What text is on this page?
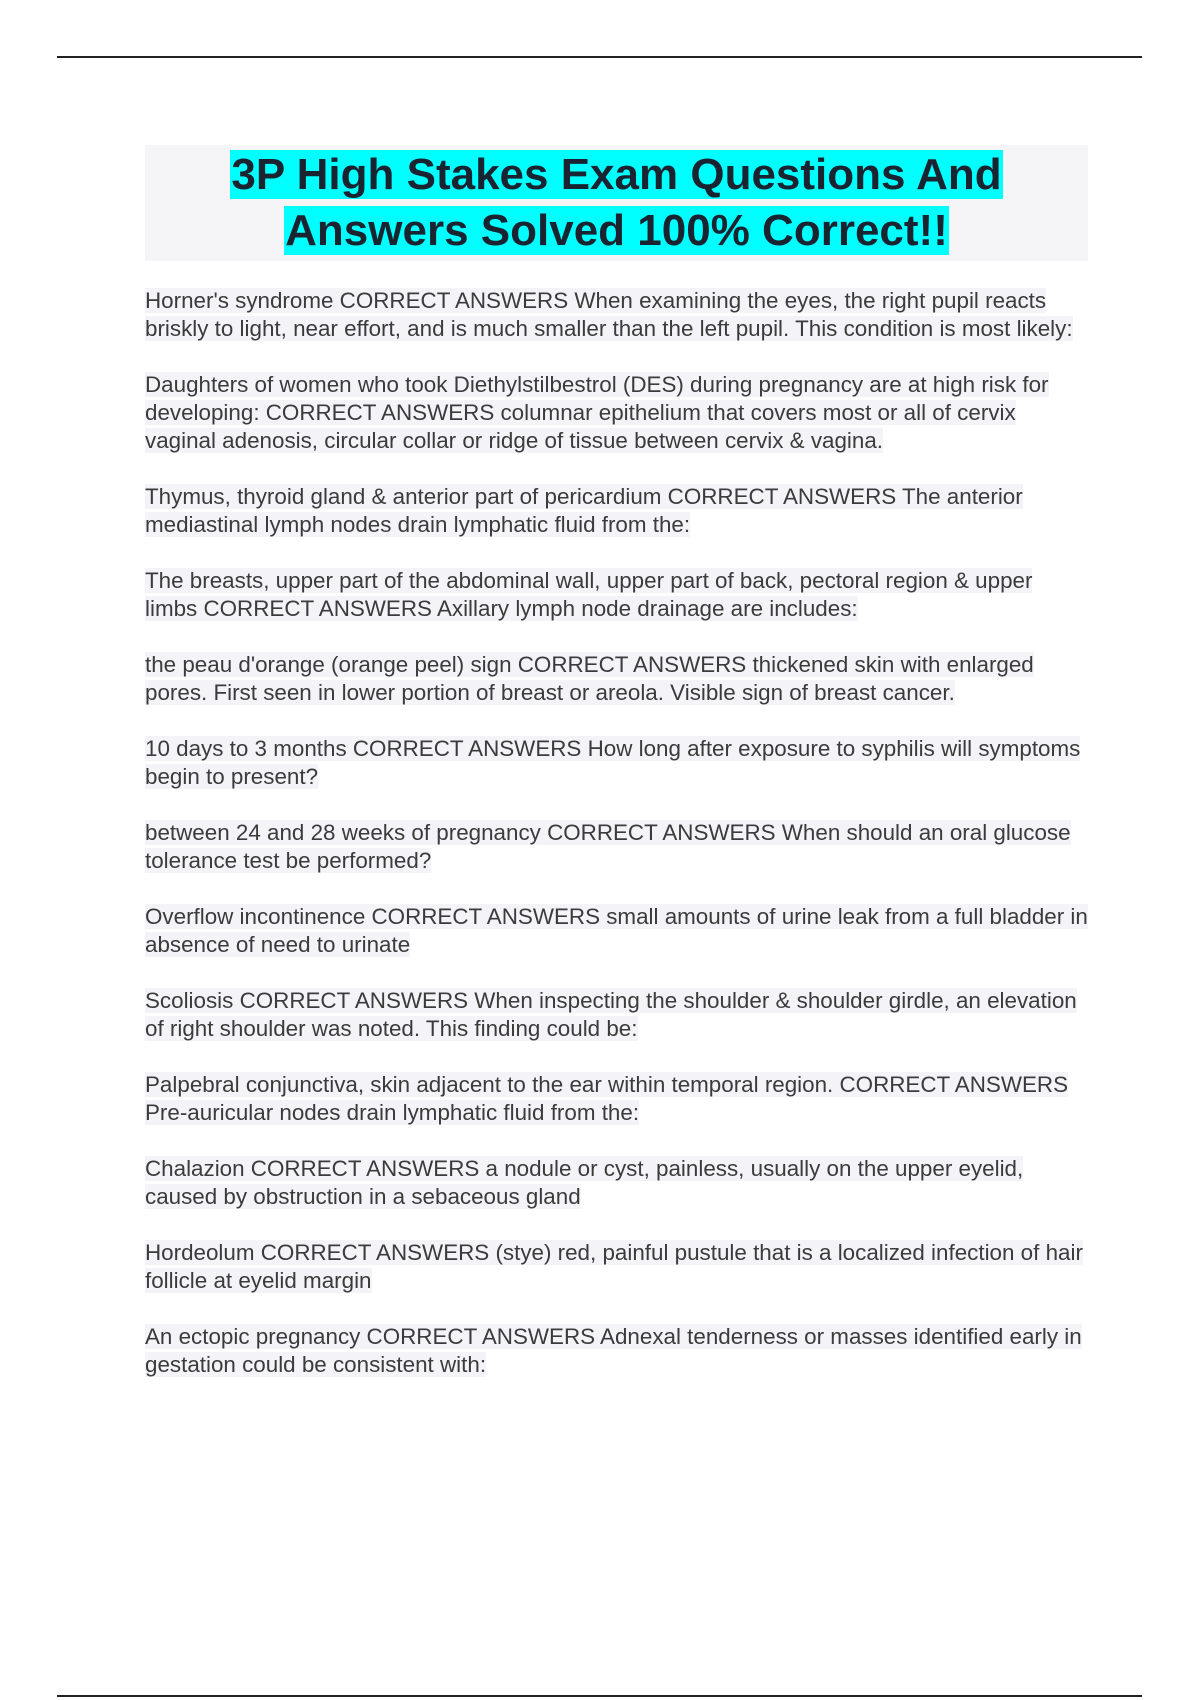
3P High Stakes Exam Questions And Answers Solved 100% Correct!!

Horner's syndrome CORRECT ANSWERS When examining the eyes, the right pupil reacts briskly to light, near effort, and is much smaller than the left pupil. This condition is most likely:

Daughters of women who took Diethylstilbestrol (DES) during pregnancy are at high risk for developing: CORRECT ANSWERS columnar epithelium that covers most or all of cervix vaginal adenosis, circular collar or ridge of tissue between cervix & vagina.

Thymus, thyroid gland & anterior part of pericardium CORRECT ANSWERS The anterior mediastinal lymph nodes drain lymphatic fluid from the:

The breasts, upper part of the abdominal wall, upper part of back, pectoral region & upper limbs CORRECT ANSWERS Axillary lymph node drainage are includes:

the peau d'orange (orange peel) sign CORRECT ANSWERS thickened skin with enlarged pores. First seen in lower portion of breast or areola. Visible sign of breast cancer.

10 days to 3 months CORRECT ANSWERS How long after exposure to syphilis will symptoms begin to present?

between 24 and 28 weeks of pregnancy CORRECT ANSWERS When should an oral glucose tolerance test be performed?

Overflow incontinence CORRECT ANSWERS small amounts of urine leak from a full bladder in absence of need to urinate

Scoliosis CORRECT ANSWERS When inspecting the shoulder & shoulder girdle, an elevation of right shoulder was noted. This finding could be:

Palpebral conjunctiva, skin adjacent to the ear within temporal region. CORRECT ANSWERS Pre-auricular nodes drain lymphatic fluid from the:

Chalazion CORRECT ANSWERS a nodule or cyst, painless, usually on the upper eyelid, caused by obstruction in a sebaceous gland

Hordeolum CORRECT ANSWERS (stye) red, painful pustule that is a localized infection of hair follicle at eyelid margin

An ectopic pregnancy CORRECT ANSWERS Adnexal tenderness or masses identified early in gestation could be consistent with:
